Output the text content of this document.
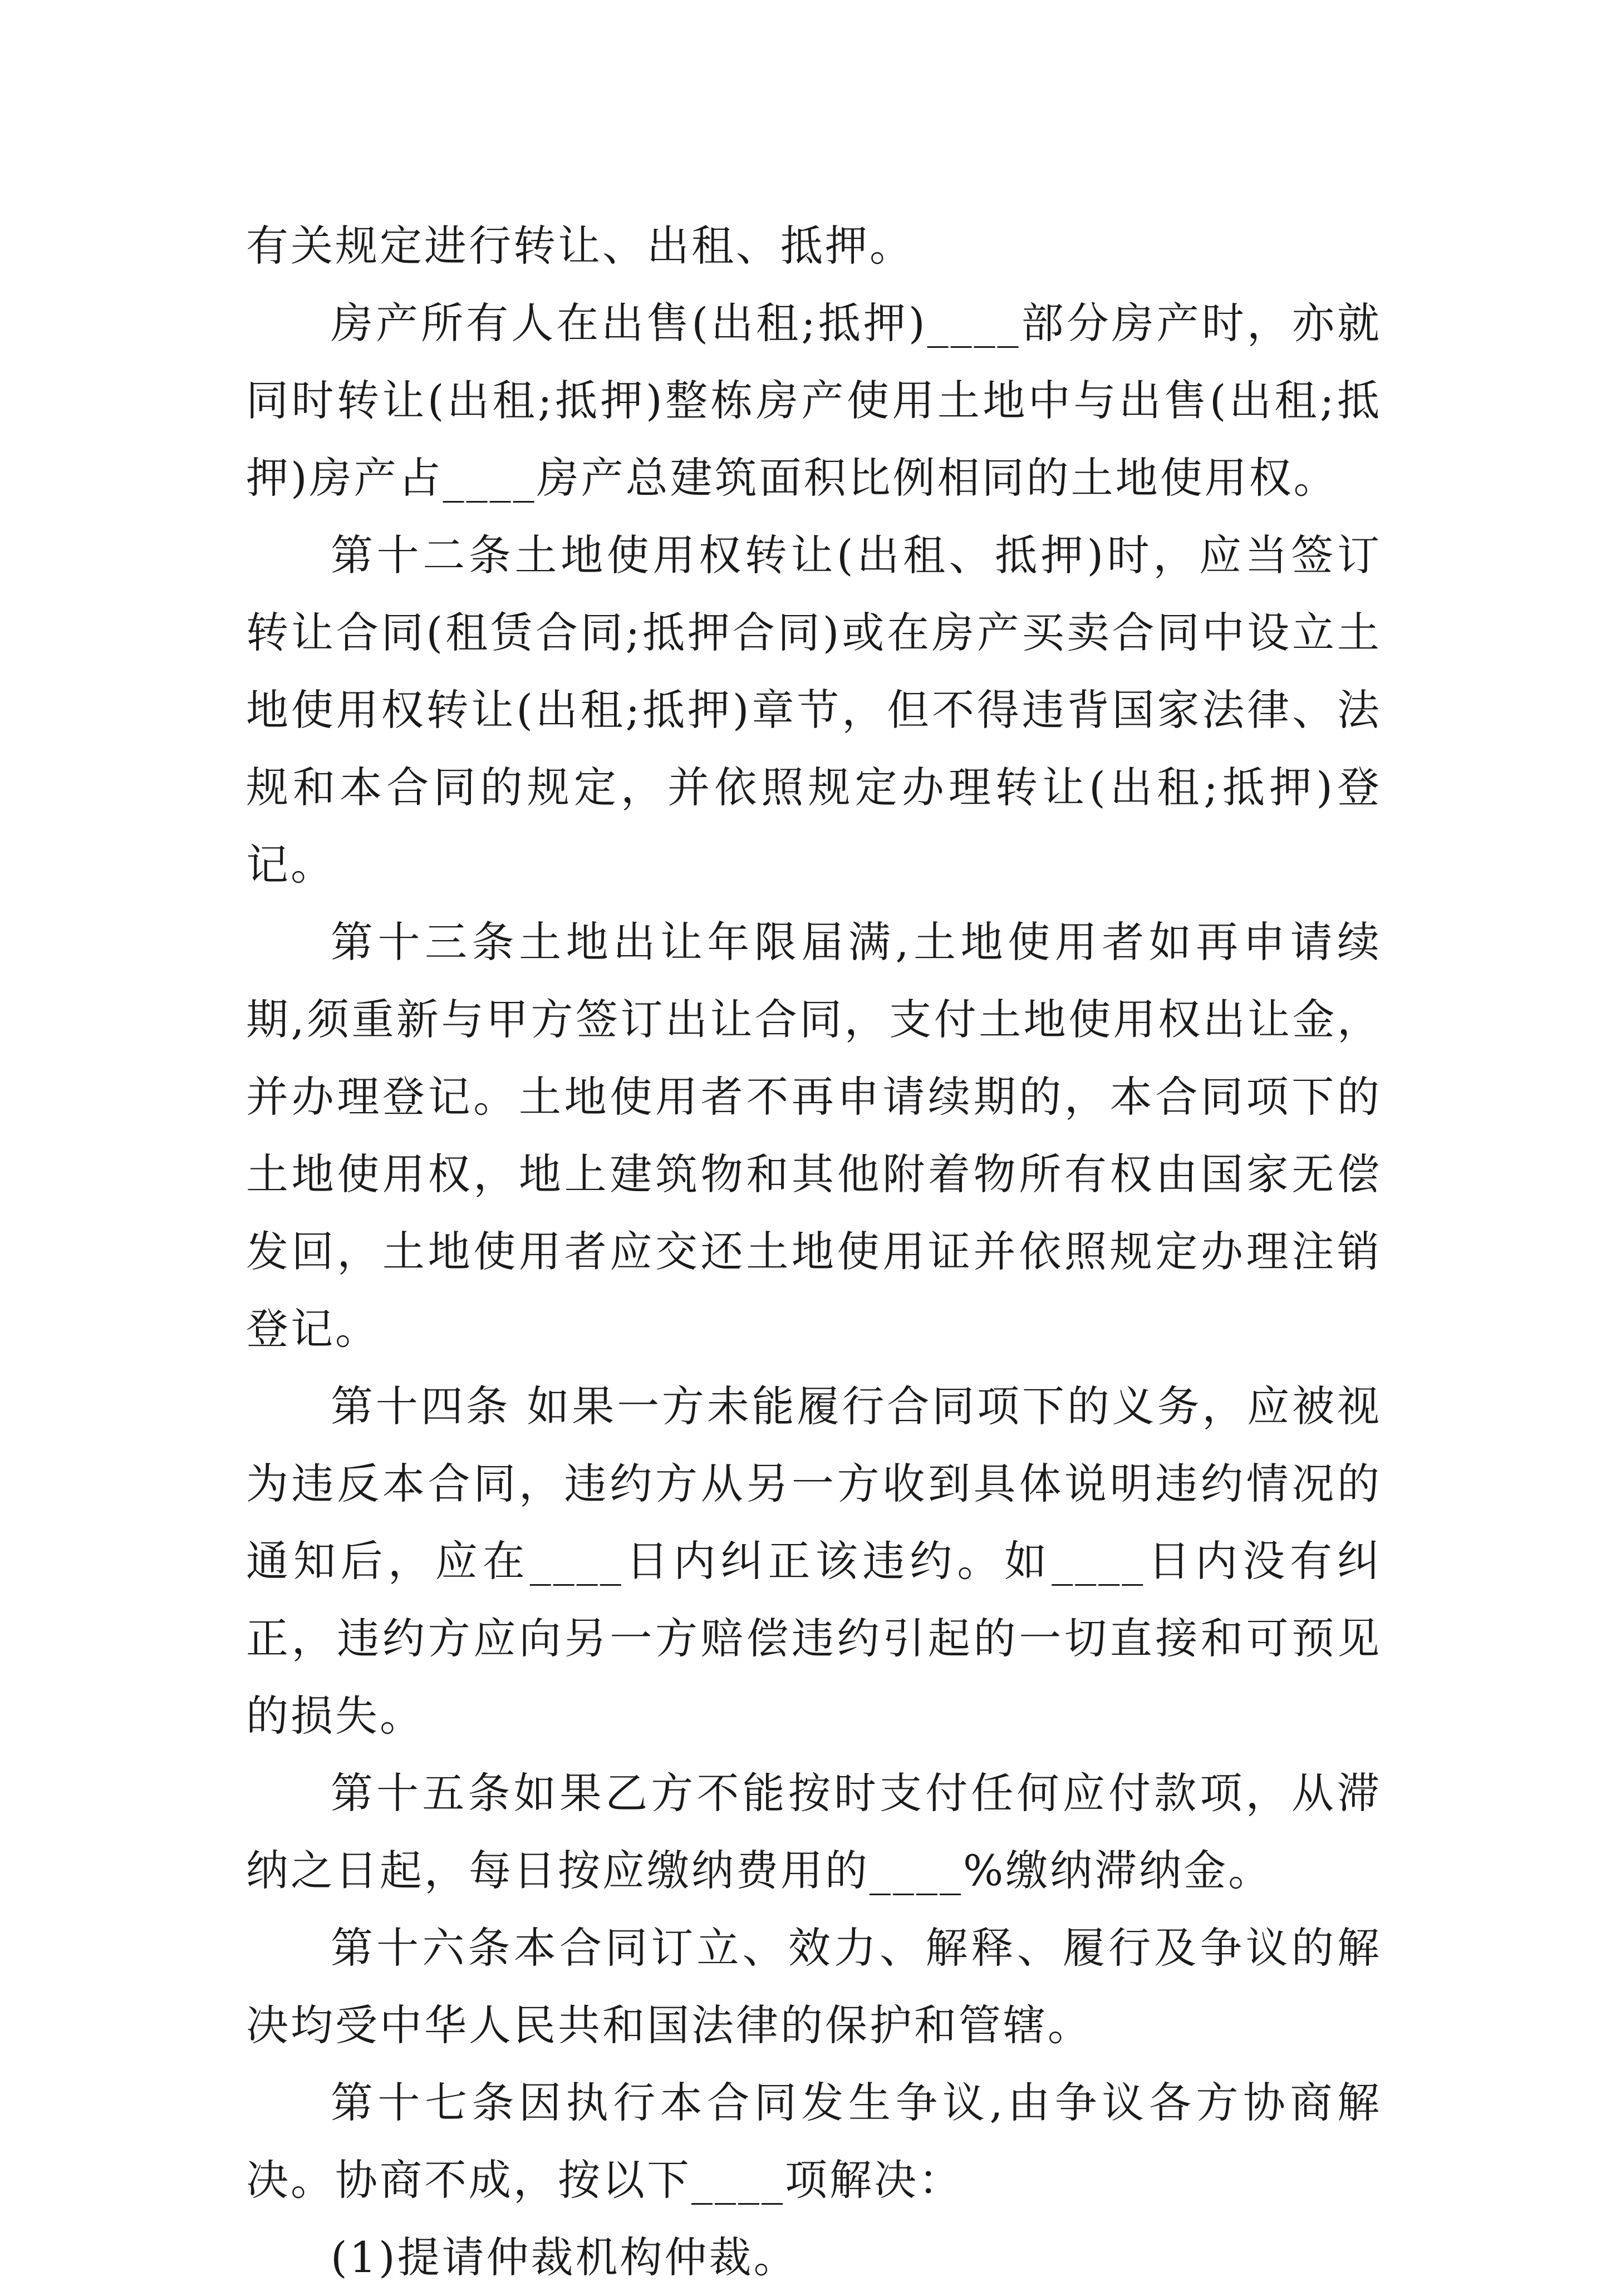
有关规定进行转让、出租、抵押。

房产所有人在出售(出租;抵押)____部分房产时，亦就同时转让(出租;抵押)整栋房产使用土地中与出售(出租;抵押)房产占____房产总建筑面积比例相同的土地使用权。

第十二条土地使用权转让(出租、抵押)时，应当签订转让合同(租赁合同;抵押合同)或在房产买卖合同中设立土地使用权转让(出租;抵押)章节，但不得违背国家法律、法规和本合同的规定，并依照规定办理转让(出租;抵押)登记。

第十三条土地出让年限届满,土地使用者如再申请续期,须重新与甲方签订出让合同，支付土地使用权出让金，并办理登记。土地使用者不再申请续期的，本合同项下的土地使用权，地上建筑物和其他附着物所有权由国家无偿发回，土地使用者应交还土地使用证并依照规定办理注销登记。

第十四条 如果一方未能履行合同项下的义务，应被视为违反本合同，违约方从另一方收到具体说明违约情况的通知后，应在____日内纠正该违约。如____日内没有纠正，违约方应向另一方赔偿违约引起的一切直接和可预见的损失。

第十五条如果乙方不能按时支付任何应付款项，从滞纳之日起，每日按应缴纳费用的____%缴纳滞纳金。

第十六条本合同订立、效力、解释、履行及争议的解决均受中华人民共和国法律的保护和管辖。

第十七条因执行本合同发生争议,由争议各方协商解决。协商不成，按以下____项解决：

(1)提请仲裁机构仲裁。
